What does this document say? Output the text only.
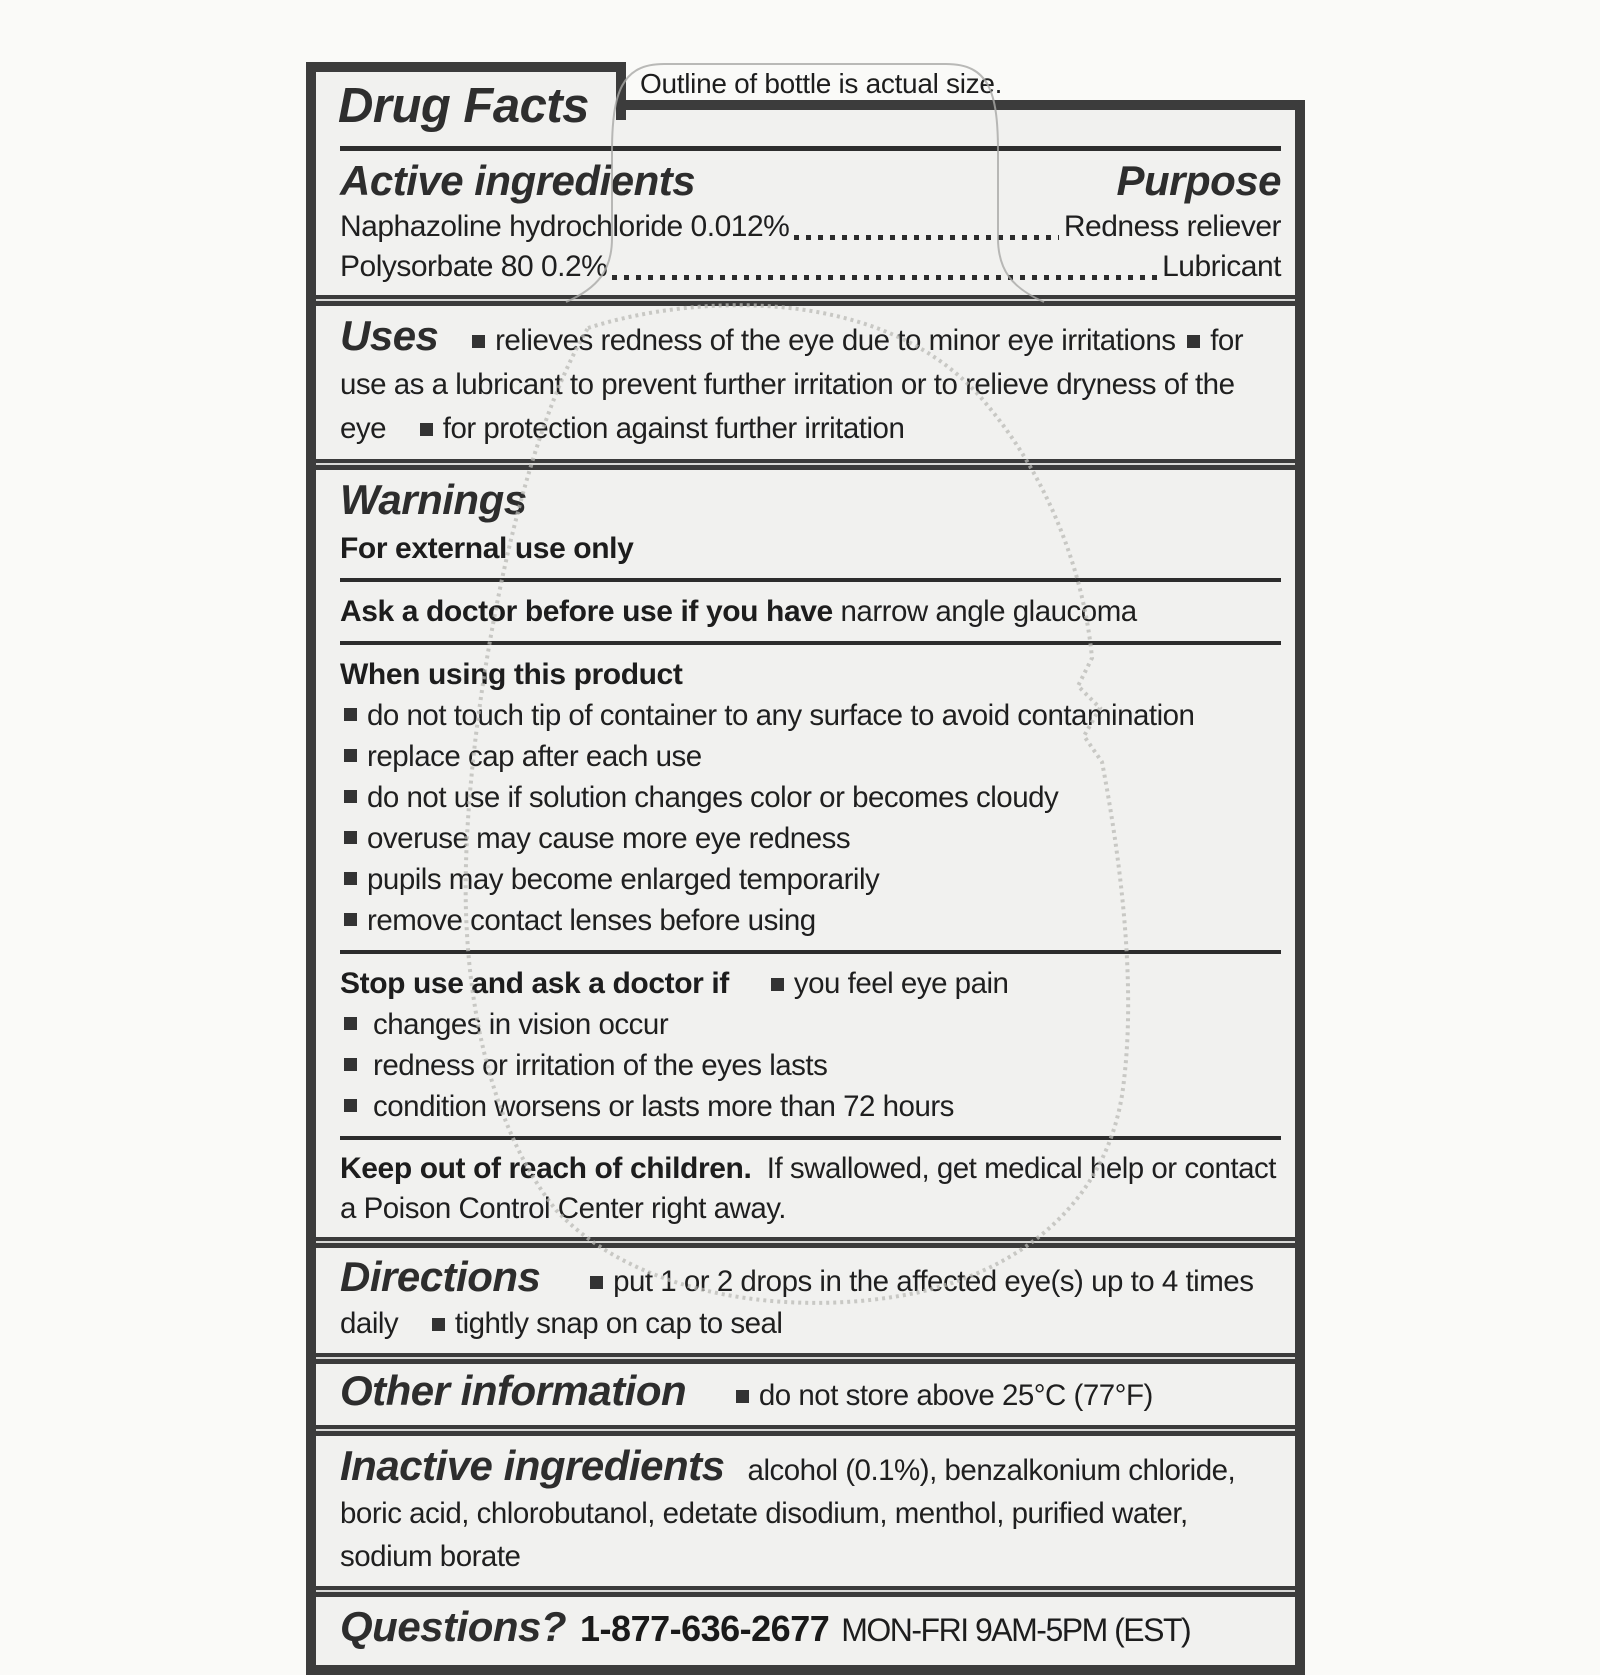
Drug Facts	Outline of bottle is actual size.
Active ingredients	Purpose
Naphazoline hydrochloride 0.012%	Redness reliever
Polysorbate 80 0.2%	Lubricant

Uses relieves redness of the eye due to minor eye irritations for use as a lubricant to prevent further irritation or to relieve dryness of the eye for protection against further irritation

Warnings

For external use only

Ask a doctor before use if you have narrow angle glaucoma

When using this product

do not touch tip of container to any surface to avoid contamination
replace cap after each use
do not use if solution changes color or becomes cloudy
overuse may cause more eye redness
pupils may become enlarged temporarily
remove contact lenses before using

Stop use and ask a doctor if you feel eye pain

changes in vision occur
redness or irritation of the eyes lasts
condition worsens or lasts more than 72 hours

Keep out of reach of children. If swallowed, get medical help or contact a Poison Control Center right away.

Directions put 1 or 2 drops in the affected eye(s) up to 4 times daily tightly snap on cap to seal

Other information do not store above 25°C (77°F)

Inactive ingredients alcohol (0.1%), benzalkonium chloride, boric acid, chlorobutanol, edetate disodium, menthol, purified water, sodium borate

Questions? 1-877-636-2677 MON-FRI 9AM-5PM (EST)
